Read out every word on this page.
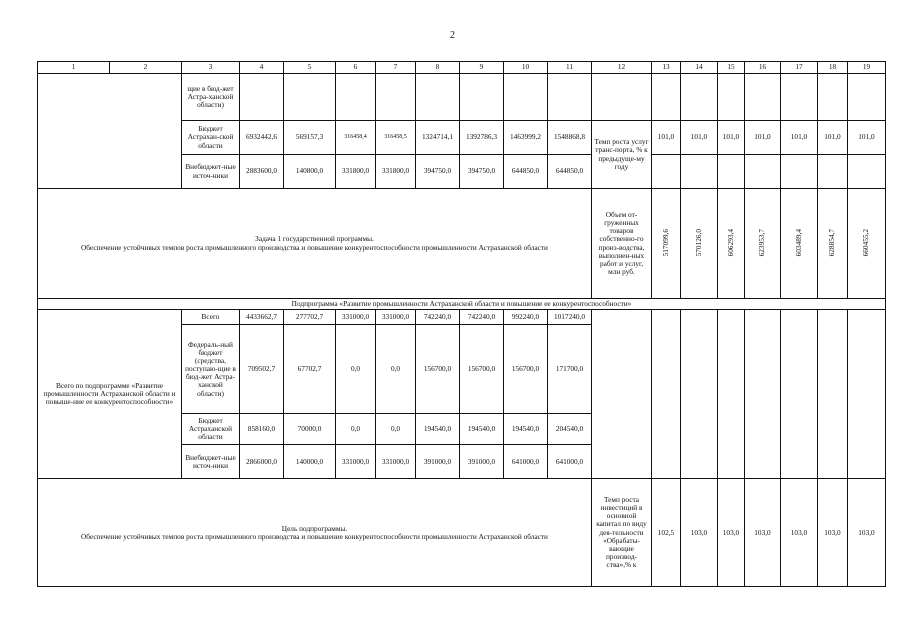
2
1	2	3	4	5	6	7	8	9	10	11	12	13	14	15	16	17	18	19
		щие в бюд-жет Астра-ханской области)																
		Бюджет Астрахан-ской области	6932442,6	569157,3	316458,4	316458,5	1324714,1	1392786,3	1463999,2	1548868,8	Темп роста услуг транс-порта, % к предыдуще-му году	101,0	101,0	101,0	101,0	101,0	101,0	101,0
		Внебюджет-ные источ-ники	2883600,0	140800,0	331800,0	331800,0	394750,0	394750,0	644850,0	644850,0								

Задача 1 государственной программы.
Обеспечение устойчивых темпов роста промышленного производства и повышение конкурентоспособности промышленности Астраханской области											Объем от-груженных товаров собственно-го произ-водства, выполнен-ных работ и услуг, млн руб.	517099,6	570126,0	606293,4	623953,7	603489,4	628854,7	660455,2
Подпрограмма «Развитие промышленности Астраханской области и повышение ее конкурентоспособности»																		
Всего по подпрограмме «Развитие промышленности Астраханской области и повыше-ние ее конкурентоспособности»		Всего	4433662,7	277702,7	331000,0	331000,0	742240,0	742240,0	992240,0	1017240,0								
		Федераль-ный бюджет (средства, поступаю-щие в бюд-жет Астра-ханской области)	709502,7	67702,7	0,0	0,0	156700,0	156700,0	156700,0	171700,0								
		Бюджет Астраханской области	858160,0	70000,0	0,0	0,0	194540,0	194540,0	194540,0	204540,0								
		Внебюджет-ные источ-ники	2866000,0	140000,0	331000,0	331000,0	391000,0	391000,0	641000,0	641000,0								

Цель подпрограммы.
Обеспечение устойчивых темпов роста промышленного производства и повышение конкурентоспособности промышленности Астраханской области											Темп роста инвестиций в основной капитал по виду дея-тельности «Обрабаты-вающие производ-ства»,% к	102,5	103,0	103,0	103,0	103,0	103,0	103,0
